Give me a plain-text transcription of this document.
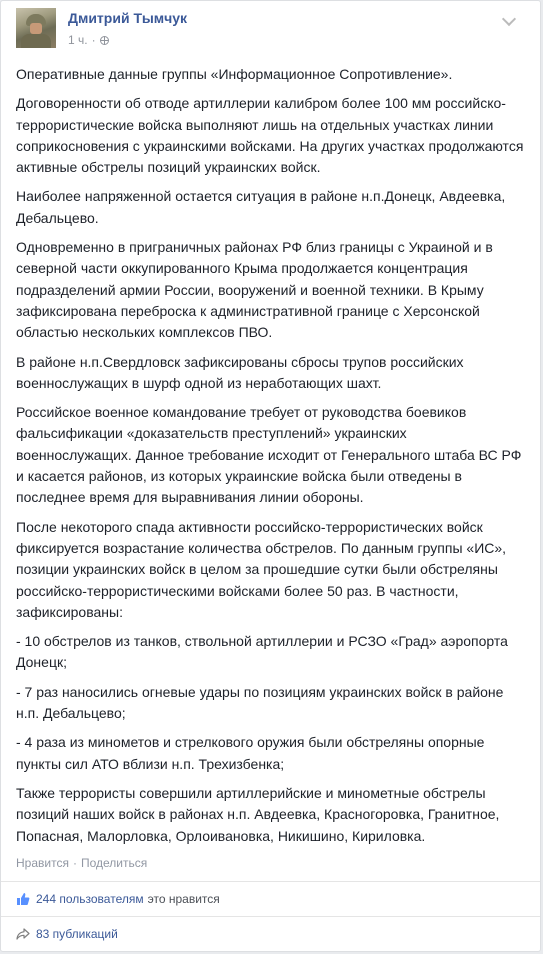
Дмитрий Тымчук
1 ч. ·

Оперативные данные группы «Информационное Сопротивление».

Договоренности об отводе артиллерии калибром более 100 мм российско-террористические войска выполняют лишь на отдельных участках линии соприкосновения с украинскими войсками. На других участках продолжаются активные обстрелы позиций украинских войск.

Наиболее напряженной остается ситуация в районе н.п.Донецк, Авдеевка, Дебальцево.

Одновременно в приграничных районах РФ близ границы с Украиной и в северной части оккупированного Крыма продолжается концентрация подразделений армии России, вооружений и военной техники. В Крыму зафиксирована переброска к административной границе с Херсонской областью нескольких комплексов ПВО.

В районе н.п.Свердловск зафиксированы сбросы трупов российских военнослужащих в шурф одной из неработающих шахт.

Российское военное командование требует от руководства боевиков фальсификации «доказательств преступлений» украинских военнослужащих. Данное требование исходит от Генерального штаба ВС РФ и касается районов, из которых украинские войска были отведены в последнее время для выравнивания линии обороны.

После некоторого спада активности российско-террористических войск фиксируется возрастание количества обстрелов. По данным группы «ИС», позиции украинских войск в целом за прошедшие сутки были обстреляны российско-террористическими войсками более 50 раз. В частности, зафиксированы:

- 10 обстрелов из танков, ствольной артиллерии и РСЗО «Град» аэропорта Донецк;

- 7 раз наносились огневые удары по позициям украинских войск в районе н.п. Дебальцево;

- 4 раза из минометов и стрелкового оружия были обстреляны опорные пункты сил АТО вблизи н.п. Трехизбенка;

Также террористы совершили артиллерийские и минометные обстрелы позиций наших войск в районах н.п. Авдеевка, Красногоровка, Гранитное, Попасная, Малорловка, Орлоивановка, Никишино, Кириловка.

Нравится · Поделиться
244 пользователям это нравится
83 публикаций
